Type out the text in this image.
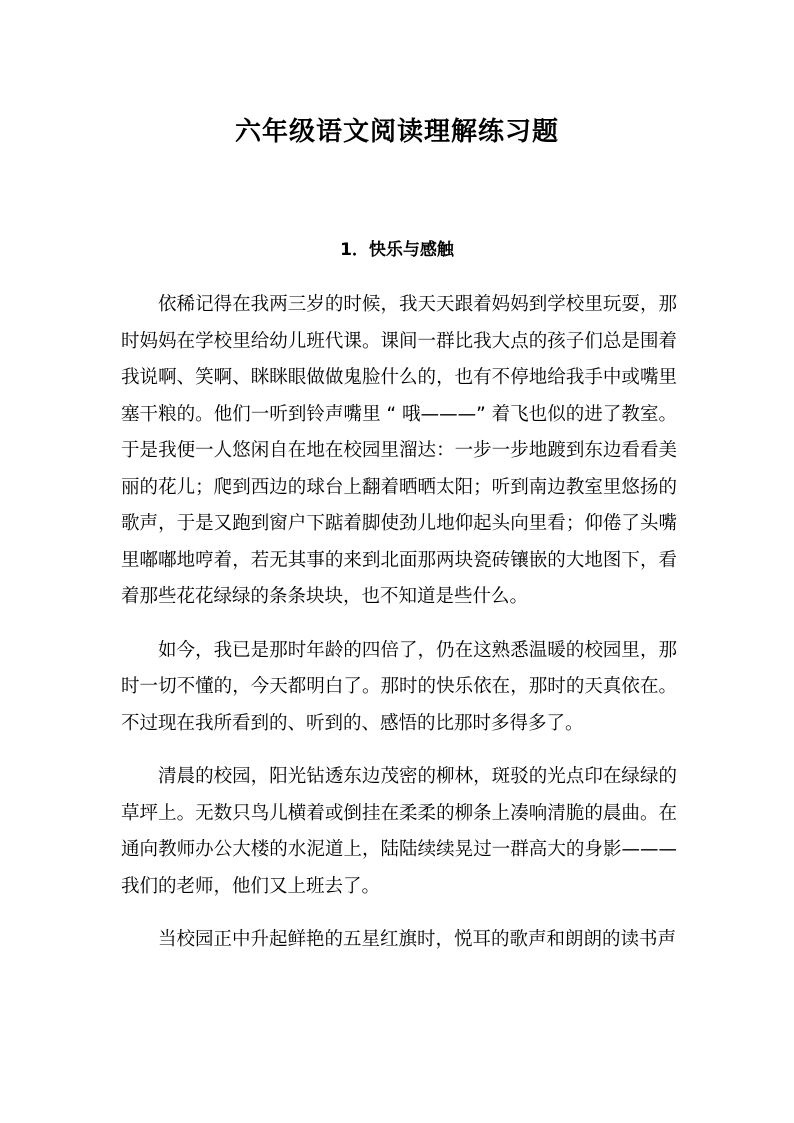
六年级语文阅读理解练习题
1．快乐与感触

依稀记得在我两三岁的时候，我天天跟着妈妈到学校里玩耍，那时妈妈在学校里给幼儿班代课。课间一群比我大点的孩子们总是围着我说啊、笑啊、眯眯眼做做鬼脸什么的，也有不停地给我手中或嘴里塞干粮的。他们一听到铃声嘴里 “ 哦———” 着飞也似的进了教室。于是我便一人悠闲自在地在校园里溜达：一步一步地踱到东边看看美丽的花儿；爬到西边的球台上翻着晒晒太阳；听到南边教室里悠扬的歌声，于是又跑到窗户下踮着脚使劲儿地仰起头向里看；仰倦了头嘴里嘟嘟地哼着，若无其事的来到北面那两块瓷砖镶嵌的大地图下，看着那些花花绿绿的条条块块，也不知道是些什么。

如今，我已是那时年龄的四倍了，仍在这熟悉温暖的校园里，那时一切不懂的，今天都明白了。那时的快乐依在，那时的天真依在。不过现在我所看到的、听到的、感悟的比那时多得多了。

清晨的校园，阳光钻透东边茂密的柳林，斑驳的光点印在绿绿的草坪上。无数只鸟儿横着或倒挂在柔柔的柳条上凑响清脆的晨曲。在通向教师办公大楼的水泥道上，陆陆续续晃过一群高大的身影———我们的老师，他们又上班去了。

当校园正中升起鲜艳的五星红旗时，悦耳的歌声和朗朗的读书声
